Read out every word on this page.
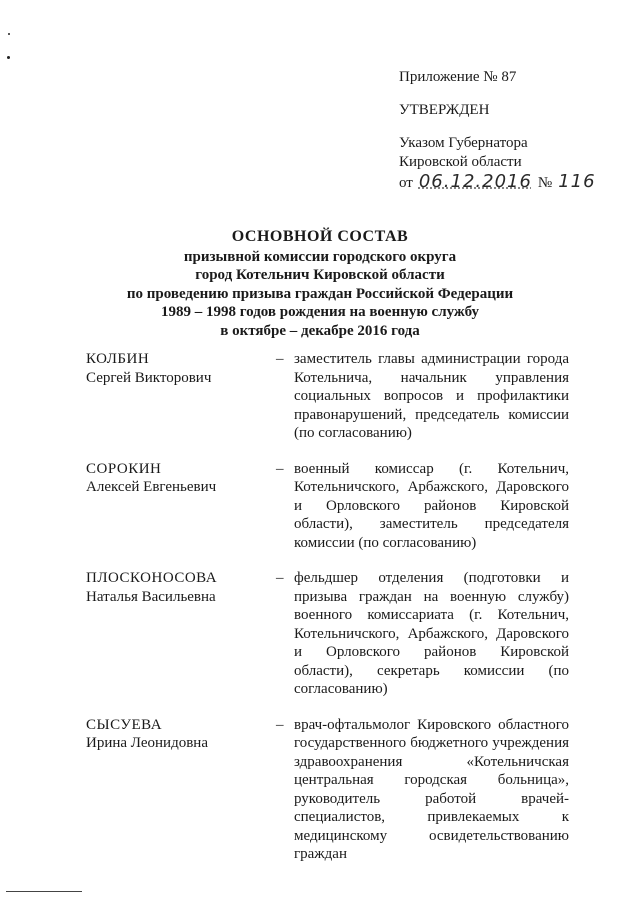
Приложение № 87
УТВЕРЖДЕН
Указом Губернатора
Кировской области
от 06.12.2016 № 116
ОСНОВНОЙ СОСТАВ
призывной комиссии городского округа
город Котельнич Кировской области
по проведению призыва граждан Российской Федерации
1989 – 1998 годов рождения на военную службу
в октябре – декабре 2016 года
КОЛБИН
Сергей Викторович
– заместитель главы администрации города Котельнича, начальник управления социальных вопросов и профилактики правонарушений, председатель комиссии (по согласованию)
СОРОКИН
Алексей Евгеньевич
– военный комиссар (г. Котельнич, Котельничского, Арбажского, Даровского и Орловского районов Кировской области), заместитель председателя комиссии (по согласованию)
ПЛОСКОНОСОВА
Наталья Васильевна
– фельдшер отделения (подготовки и призыва граждан на военную службу) военного комиссариата (г. Котельнич, Котельничского, Арбажского, Даровского и Орловского районов Кировской области), секретарь комиссии (по согласованию)
СЫСУЕВА
Ирина Леонидовна
– врач-офтальмолог Кировского областного государственного бюджетного учреждения здравоохранения «Котельничская центральная городская больница», руководитель работой врачей-специалистов, привлекаемых к медицинскому освидетельствованию граждан
